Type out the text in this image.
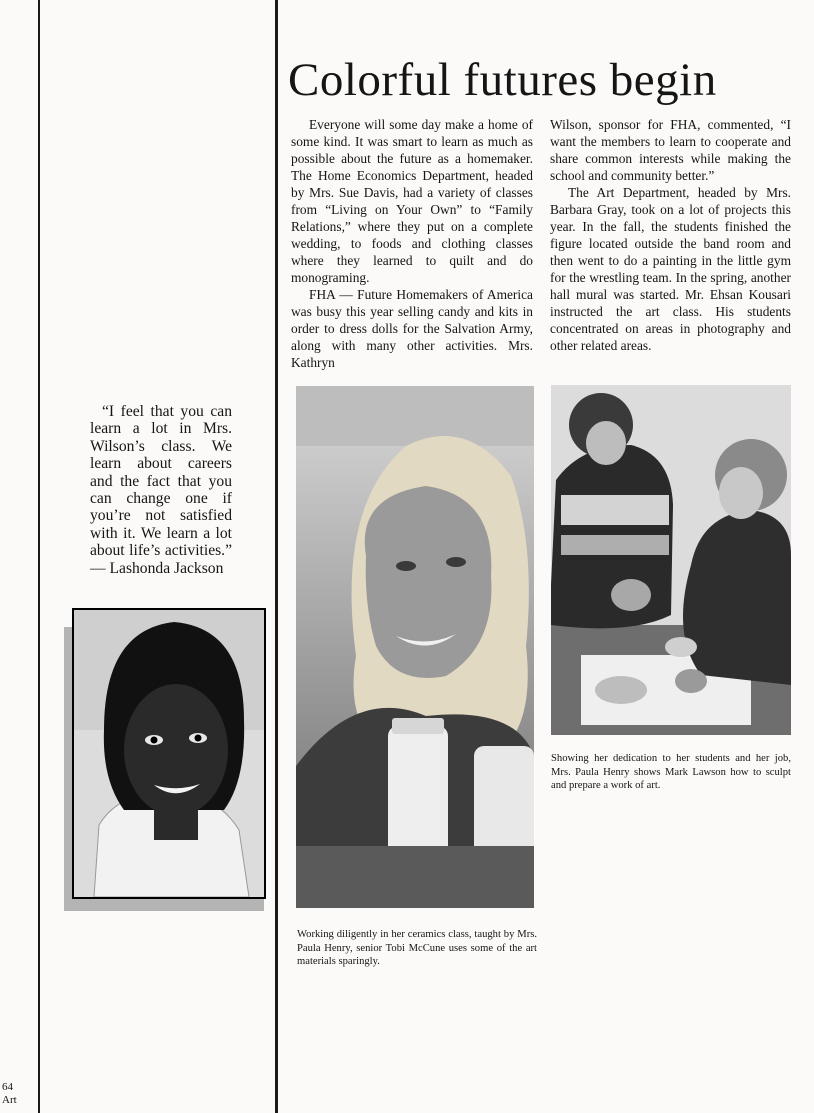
Colorful futures begin

Everyone will some day make a home of some kind. It was smart to learn as much as possible about the future as a homemaker. The Home Economics Department, headed by Mrs. Sue Davis, had a variety of classes from “Living on Your Own” to “Family Relations,” where they put on a complete wedding, to foods and clothing classes where they learned to quilt and do monograming.

FHA — Future Homemakers of America was busy this year selling candy and kits in order to dress dolls for the Salvation Army, along with many other activities. Mrs. Kathryn

Wilson, sponsor for FHA, commented, “I want the members to learn to cooperate and share common interests while making the school and community better.”

The Art Department, headed by Mrs. Barbara Gray, took on a lot of projects this year. In the fall, the students finished the figure located outside the band room and then went to do a painting in the little gym for the wrestling team. In the spring, another hall mural was started. Mr. Ehsan Kousari instructed the art class. His students concentrated on areas in photography and other related areas.

“I feel that you can learn a lot in Mrs. Wilson’s class. We learn about careers and the fact that you can change one if you’re not satisfied with it. We learn a lot about life’s activities.” — Lashonda Jackson

Working diligently in her ceramics class, taught by Mrs. Paula Henry, senior Tobi McCune uses some of the art materials sparingly.
Showing her dedication to her students and her job, Mrs. Paula Henry shows Mark Lawson how to sculpt and prepare a work of art.
64
Art
